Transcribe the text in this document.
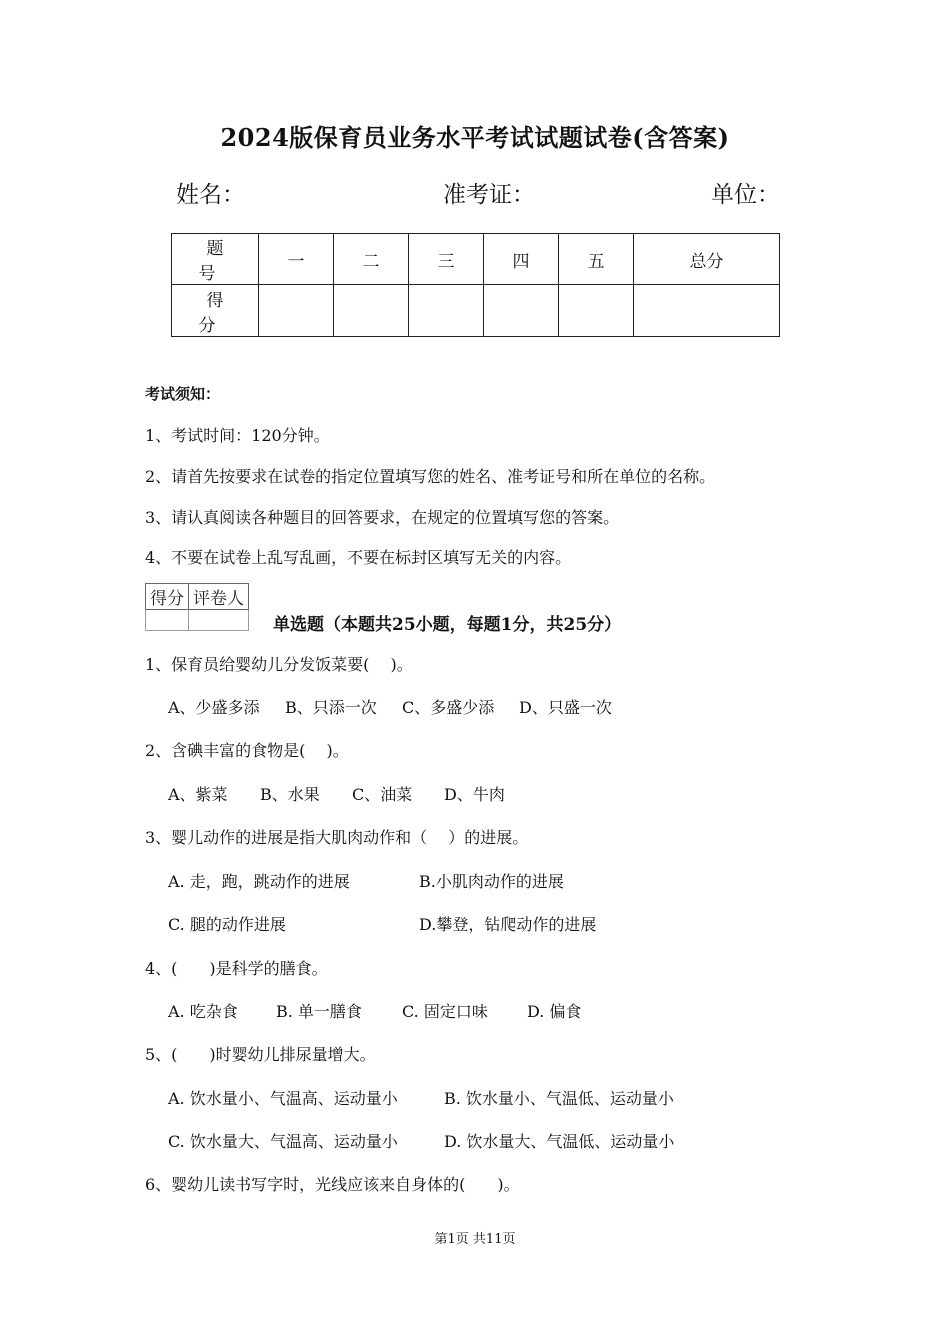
2024版保育员业务水平考试试题试卷(含答案)
姓名：	准考证：	单位：
题　号	一	二	三	四	五	总分
得　分						
考试须知：
1、考试时间：120分钟。
2、请首先按要求在试卷的指定位置填写您的姓名、准考证号和所在单位的名称。
3、请认真阅读各种题目的回答要求，在规定的位置填写您的答案。
4、不要在试卷上乱写乱画，不要在标封区填写无关的内容。
得分	评卷人

单选题（本题共25小题，每题1分，共25分）
1、保育员给婴幼儿分发饭菜要(　 )。
A、少盛多添 B、只添一次 C、多盛少添 D、只盛一次
2、含碘丰富的食物是(　 )。
A、紫菜 B、水果 C、油菜 D、牛肉
3、婴儿动作的进展是指大肌肉动作和（　 ）的进展。
A. 走，跑，跳动作的进展	B.小肌肉动作的进展
C. 腿的动作进展	D.攀登，钻爬动作的进展
4、(　　)是科学的膳食。
A. 吃杂食 B. 单一膳食	C. 固定口味 D. 偏食
5、(　　)时婴幼儿排尿量增大。
A. 饮水量小、气温高、运动量小	B. 饮水量小、气温低、运动量小
C. 饮水量大、气温高、运动量小	D. 饮水量大、气温低、运动量小
6、婴幼儿读书写字时，光线应该来自身体的(　　)。
第1页 共11页
